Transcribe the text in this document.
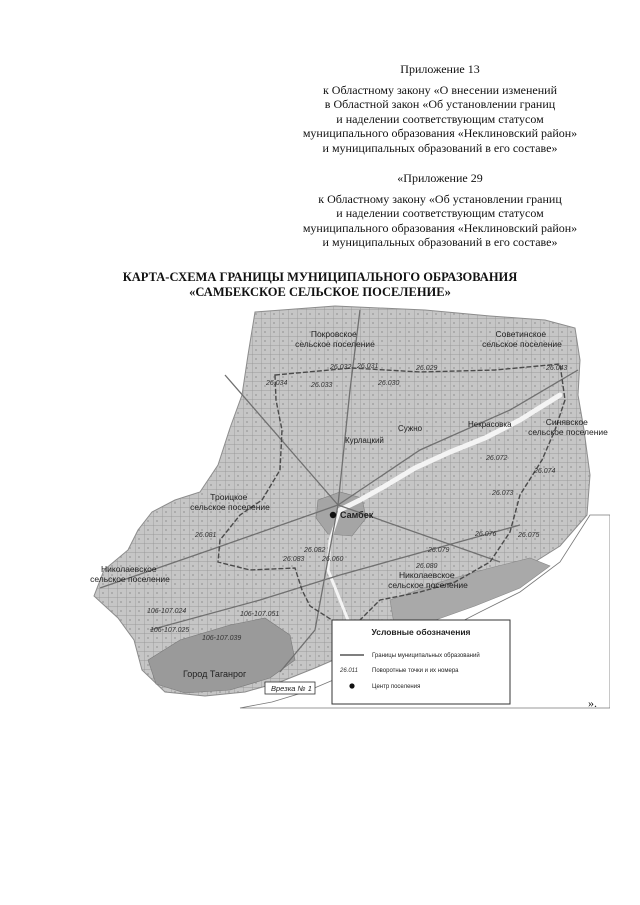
Приложение 13
к Областному закону «О внесении изменений
в Областной закон «Об установлении границ
и наделении соответствующим статусом
муниципального образования «Неклиновский район»
и муниципальных образований в его составе»
«Приложение 29
к Областному закону «Об установлении границ
и наделении соответствующим статусом
муниципального образования «Неклиновский район»
и муниципальных образований в его составе»
КАРТА-СХЕМА ГРАНИЦЫ МУНИЦИПАЛЬНОГО ОБРАЗОВАНИЯ
«САМБЕКСКОЕ СЕЛЬСКОЕ ПОСЕЛЕНИЕ»
Покровское сельское поселение
Советинское сельское поселение
Синявское сельское поселение
Троицкое сельское поселение
Николаевское сельское поселение	Николаевское сельское поселение
Город Таганрог
Курлацкий
Сужно	Некрасовка
Самбек
26.034
26.032
26.033
26.031
26.030
26.029	26.043
26.072
26.074
26.073
26.076	26.075
26.079
26.080
26.081
26.082
26.083	26.060
106-107.024
106-107.025
106-107.039
106-107.051
Врезка № 1
Условные обозначения
Границы муниципальных образований
26.011 Поворотные точки и их номера
Центр поселения
».
